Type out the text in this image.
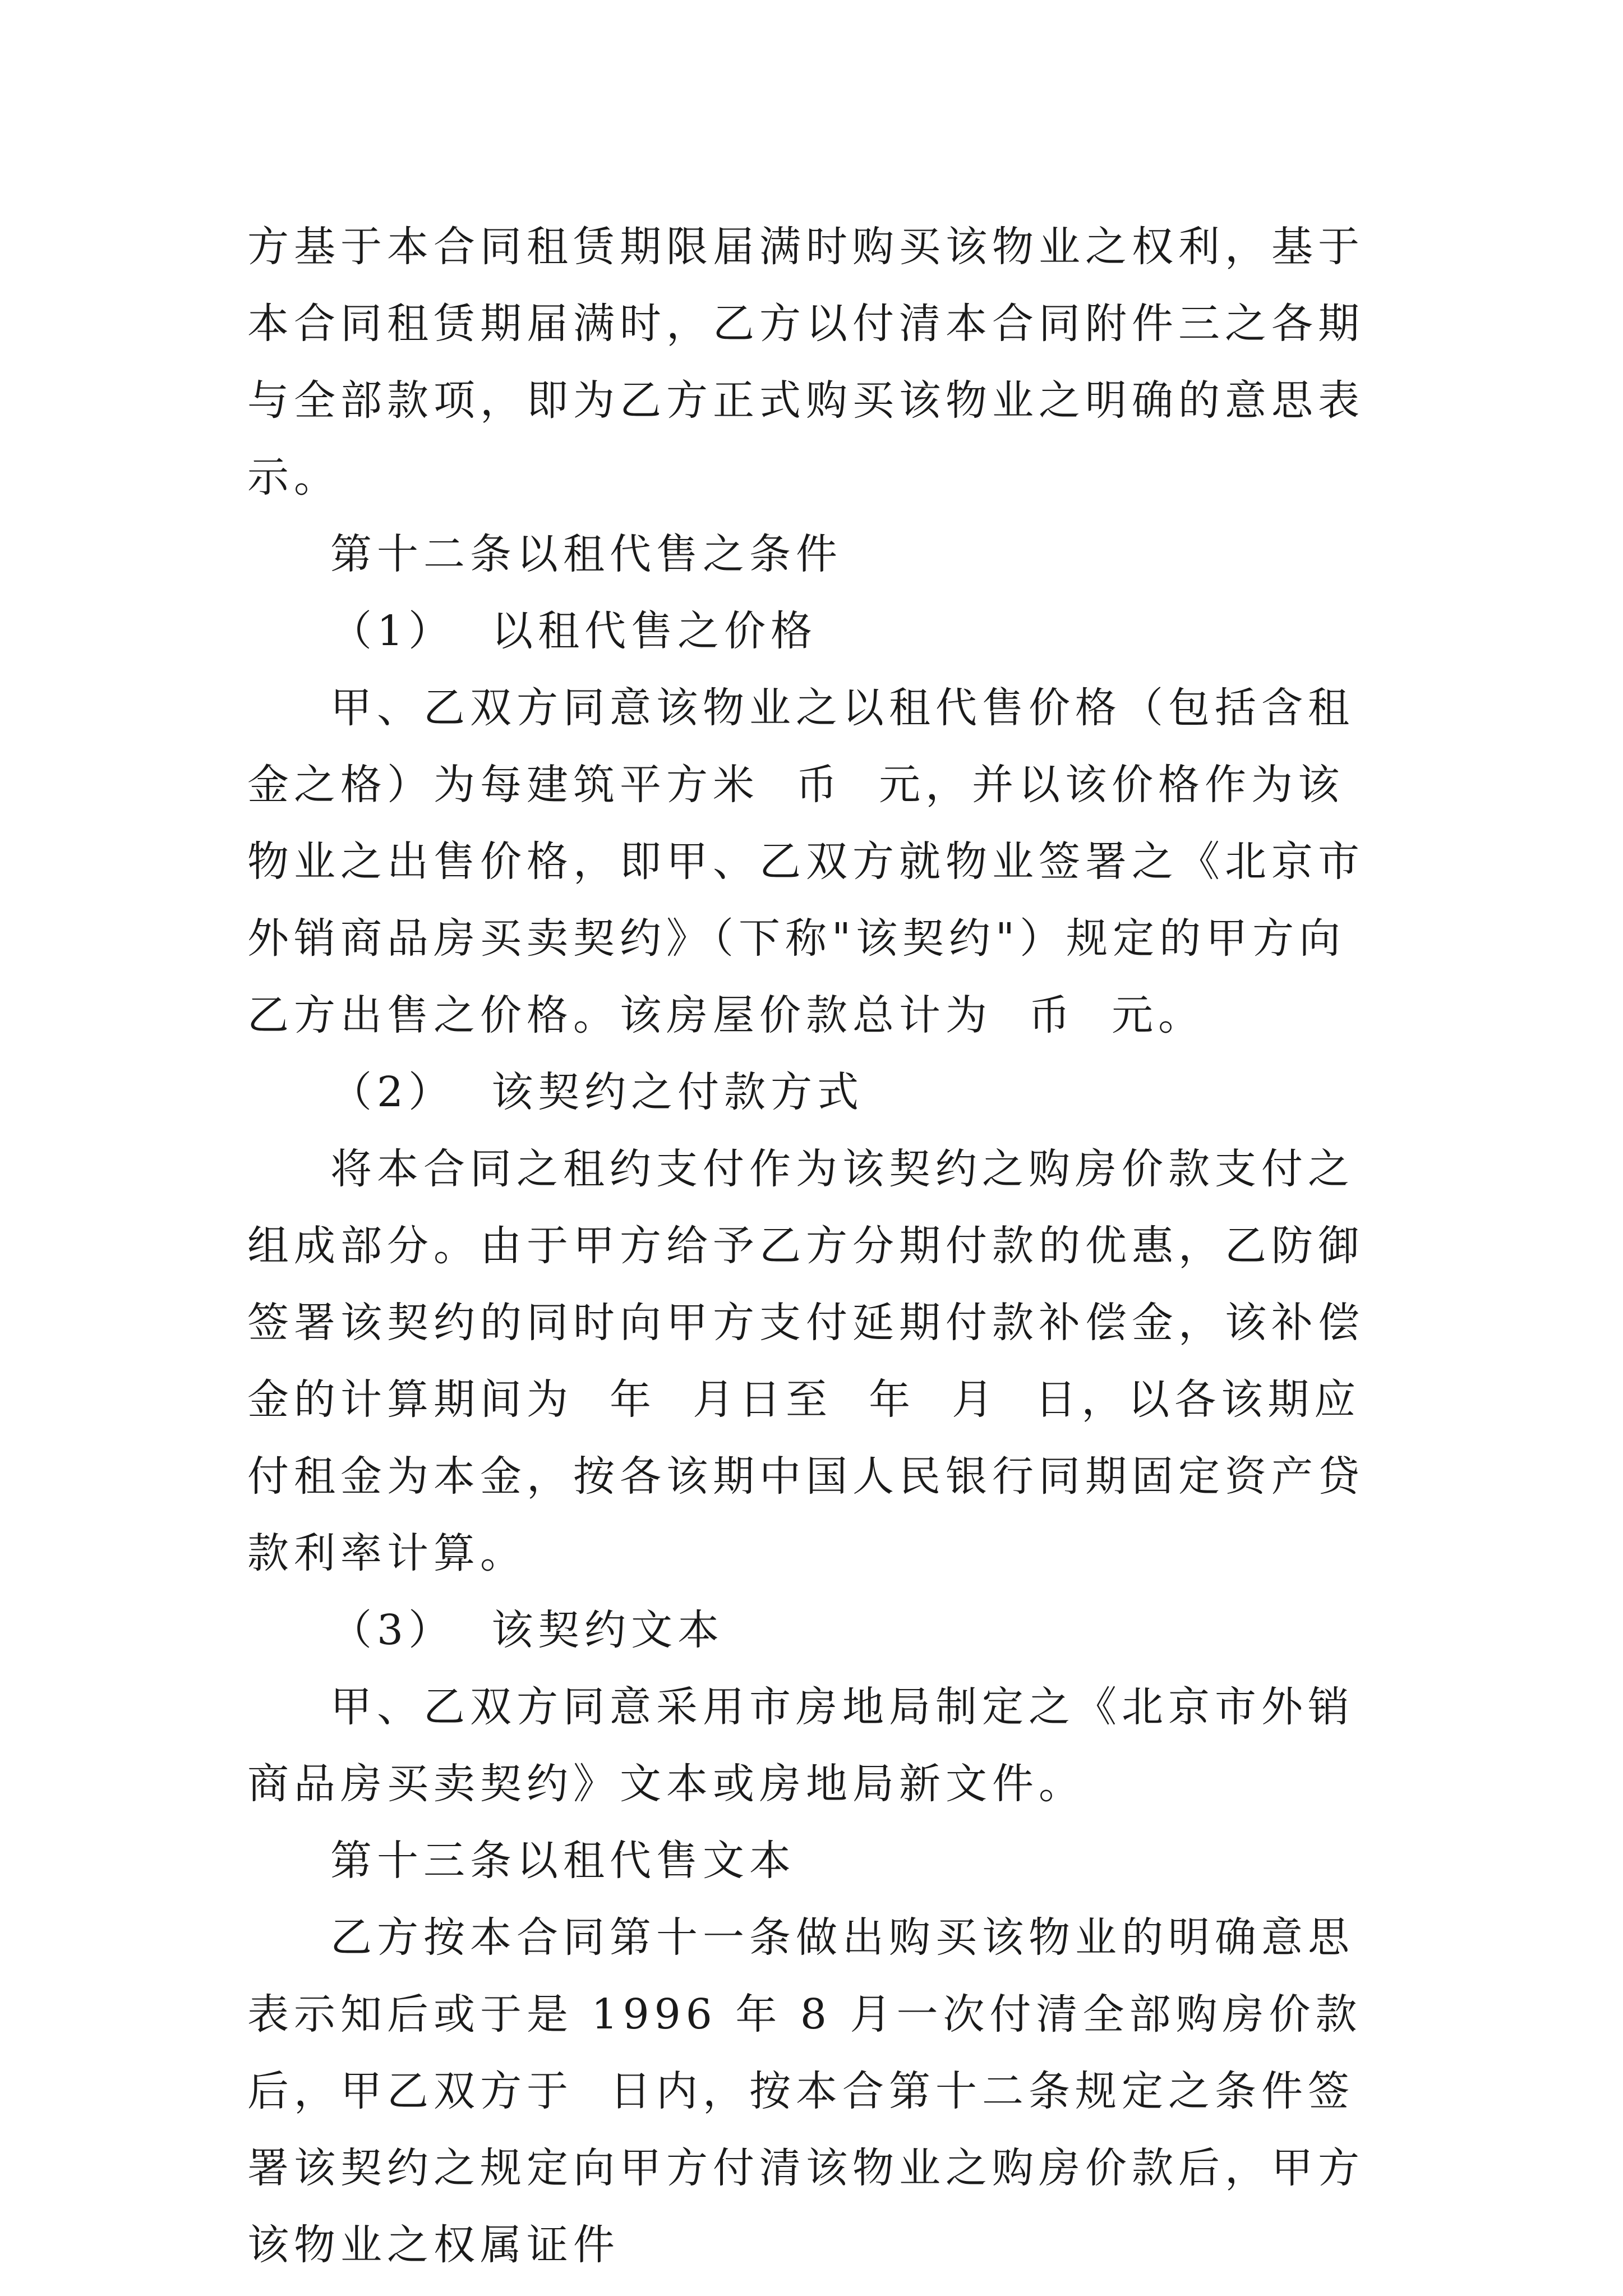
方基于本合同租赁期限届满时购买该物业之权利，基于本合同租赁期届满时，乙方以付清本合同附件三之各期与全部款项，即为乙方正式购买该物业之明确的意思表示。

第十二条以租代售之条件

（1）  以租代售之价格

甲、乙双方同意该物业之以租代售价格（包括含租金之格）为每建筑平方米  币  元，并以该价格作为该物业之出售价格，即甲、乙双方就物业签署之《北京市外销商品房买卖契约》（下称"该契约"）规定的甲方向乙方出售之价格。该房屋价款总计为  币  元。

（2）  该契约之付款方式

将本合同之租约支付作为该契约之购房价款支付之组成部分。由于甲方给予乙方分期付款的优惠，乙防御签署该契约的同时向甲方支付延期付款补偿金，该补偿金的计算期间为  年  月日至  年  月  日，以各该期应付租金为本金，按各该期中国人民银行同期固定资产贷款利率计算。

（3）  该契约文本

甲、乙双方同意采用市房地局制定之《北京市外销商品房买卖契约》文本或房地局新文件。

第十三条以租代售文本

乙方按本合同第十一条做出购买该物业的明确意思表示知后或于是 1996 年 8 月一次付清全部购房价款后，甲乙双方于  日内，按本合第十二条规定之条件签署该契约之规定向甲方付清该物业之购房价款后，甲方该物业之权属证件
